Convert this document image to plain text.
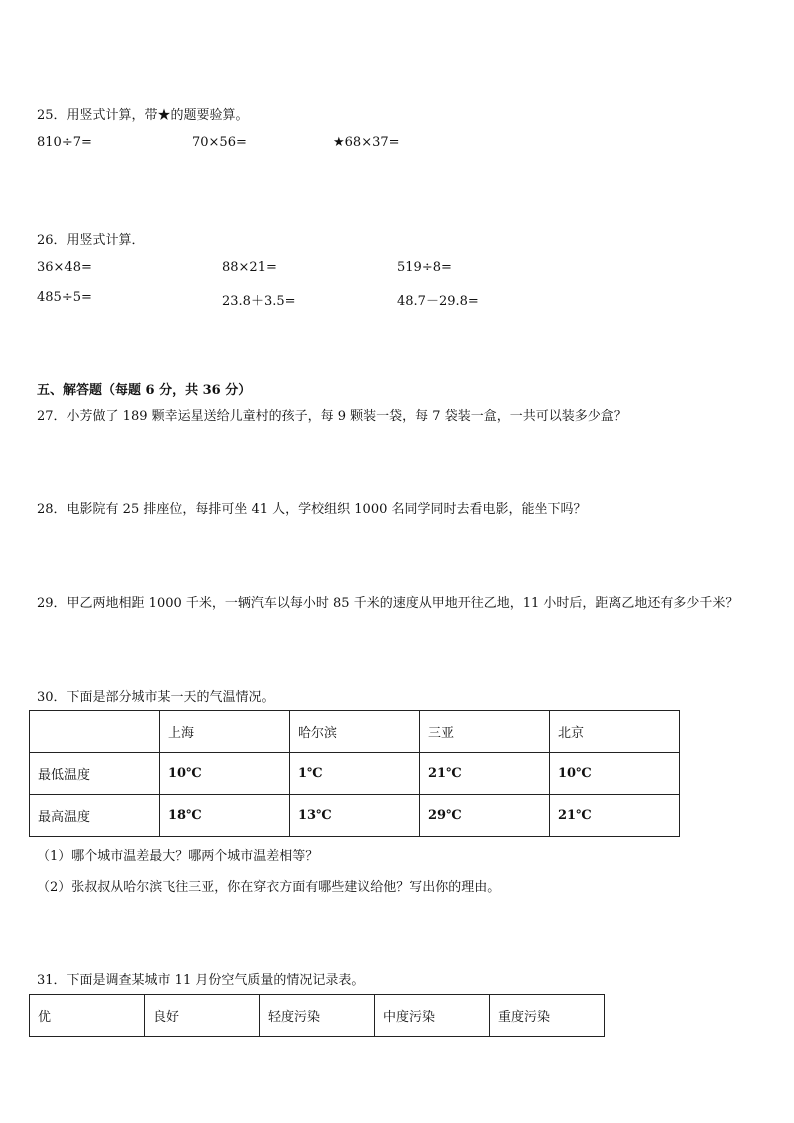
25．用竖式计算，带★的题要验算。
810÷7=	70×56=	★68×37=
26．用竖式计算．
36×48=	88×21=	519÷8=
485÷5=	23.8＋3.5=	48.7－29.8=
五、解答题（每题 6 分，共 36 分）
27．小芳做了 189 颗幸运星送给儿童村的孩子，每 9 颗装一袋，每 7 袋装一盒，一共可以装多少盒？
28．电影院有 25 排座位，每排可坐 41 人，学校组织 1000 名同学同时去看电影，能坐下吗？
29．甲乙两地相距 1000 千米，一辆汽车以每小时 85 千米的速度从甲地开往乙地，11 小时后，距离乙地还有多少千米？
30．下面是部分城市某一天的气温情况。
	上海	哈尔滨	三亚	北京
最低温度	10℃	1℃	21℃	10℃
最高温度	18℃	13℃	29℃	21℃
（1）哪个城市温差最大？哪两个城市温差相等？
（2）张叔叔从哈尔滨飞往三亚，你在穿衣方面有哪些建议给他？写出你的理由。
31．下面是调查某城市 11 月份空气质量的情况记录表。
优	良好	轻度污染	中度污染	重度污染
